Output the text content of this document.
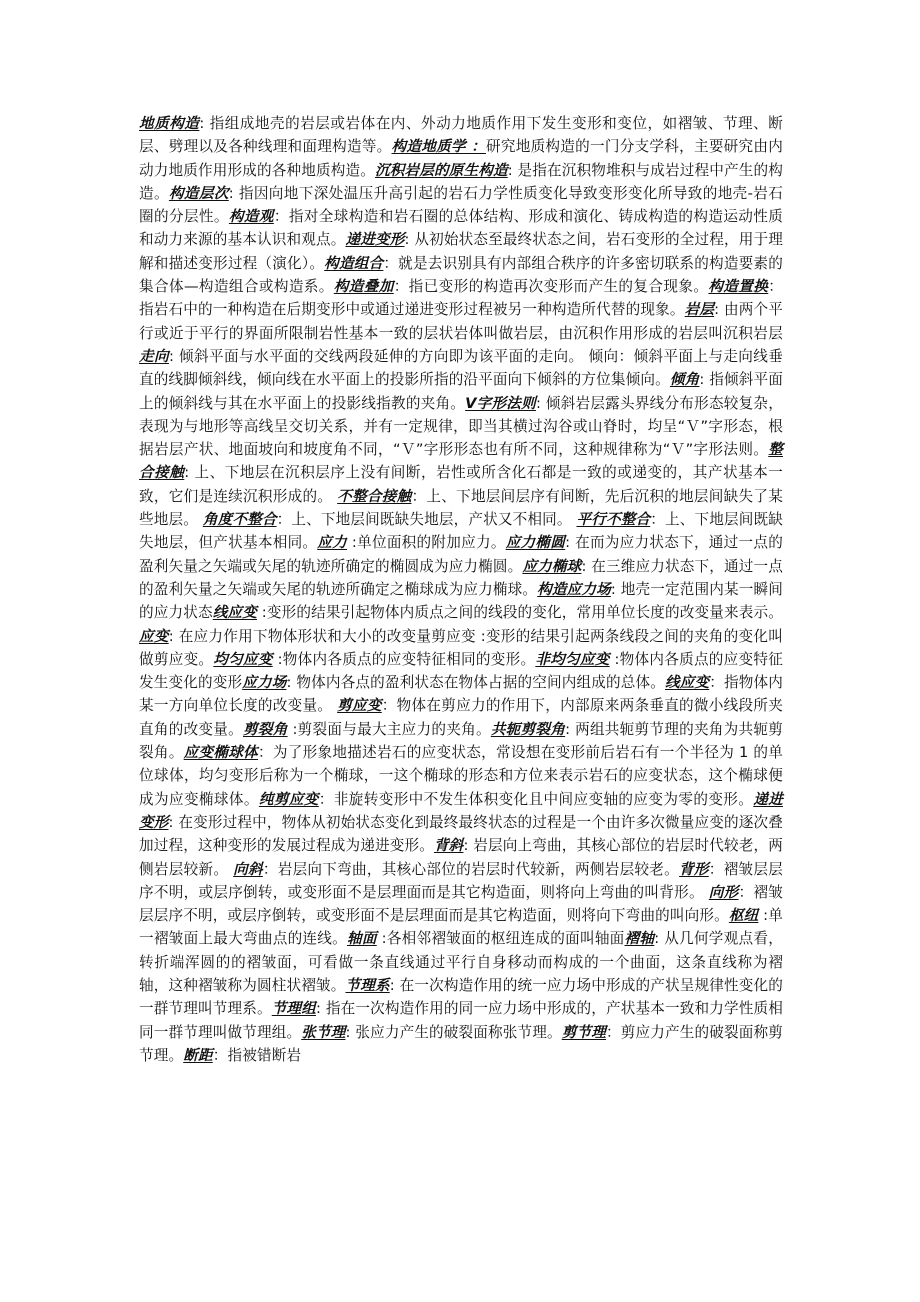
地质构造: 指组成地壳的岩层或岩体在内、外动力地质作用下发生变形和变位，如褶皱、节理、断层、劈理以及各种线理和面理构造等。构造地质学 ：研究地质构造的一门分支学科，主要研究由内动力地质作用形成的各种地质构造。沉积岩层的原生构造: 是指在沉积物堆积与成岩过程中产生的构造。构造层次: 指因向地下深处温压升高引起的岩石力学性质变化导致变形变化所导致的地壳-岩石圈的分层性。构造观：指对全球构造和岩石圈的总体结构、形成和演化、铸成构造的构造运动性质和动力来源的基本认识和观点。递进变形: 从初始状态至最终状态之间，岩石变形的全过程，用于理解和描述变形过程（演化）。构造组合：就是去识别具有内部组合秩序的许多密切联系的构造要素的集合体—构造组合或构造系。构造叠加：指已变形的构造再次变形而产生的复合现象。构造置换：指岩石中的一种构造在后期变形中或通过递进变形过程被另一种构造所代替的现象。岩层: 由两个平行或近于平行的界面所限制岩性基本一致的层状岩体叫做岩层，由沉积作用形成的岩层叫沉积岩层走向: 倾斜平面与水平面的交线两段延伸的方向即为该平面的走向。 倾向：倾斜平面上与走向线垂直的线脚倾斜线，倾向线在水平面上的投影所指的沿平面向下倾斜的方位集倾向。倾角: 指倾斜平面上的倾斜线与其在水平面上的投影线指教的夹角。V字形法则: 倾斜岩层露头界线分布形态较复杂，表现为与地形等高线呈交切关系，并有一定规律，即当其横过沟谷或山脊时，均呈“Ｖ”字形态，根据岩层产状、地面坡向和坡度角不同，“Ｖ”字形形态也有所不同，这种规律称为“Ｖ”字形法则。整合接触: 上、下地层在沉积层序上没有间断，岩性或所含化石都是一致的或递变的，其产状基本一致，它们是连续沉积形成的。 不整合接触：上、下地层间层序有间断，先后沉积的地层间缺失了某些地层。 角度不整合：上、下地层间既缺失地层，产状又不相同。 平行不整合：上、下地层间既缺失地层，但产状基本相同。应力 :单位面积的附加应力。应力椭圆: 在而为应力状态下，通过一点的盈利矢量之矢端或矢尾的轨迹所确定的椭圆成为应力椭圆。应力椭球: 在三维应力状态下，通过一点的盈利矢量之矢端或矢尾的轨迹所确定之椭球成为应力椭球。构造应力场: 地壳一定范围内某一瞬间的应力状态线应变 :变形的结果引起物体内质点之间的线段的变化，常用单位长度的改变量来表示。应变: 在应力作用下物体形状和大小的改变量剪应变 :变形的结果引起两条线段之间的夹角的变化叫做剪应变。均匀应变 :物体内各质点的应变特征相同的变形。非均匀应变 :物体内各质点的应变特征发生变化的变形应力场: 物体内各点的盈利状态在物体占据的空间内组成的总体。线应变：指物体内某一方向单位长度的改变量。 剪应变：物体在剪应力的作用下，内部原来两条垂直的微小线段所夹直角的改变量。剪裂角 :剪裂面与最大主应力的夹角。共轭剪裂角: 两组共轭剪节理的夹角为共轭剪裂角。应变椭球体：为了形象地描述岩石的应变状态，常设想在变形前后岩石有一个半径为 1 的单位球体，均匀变形后称为一个椭球，一这个椭球的形态和方位来表示岩石的应变状态，这个椭球便成为应变椭球体。纯剪应变：非旋转变形中不发生体积变化且中间应变轴的应变为零的变形。递进变形: 在变形过程中，物体从初始状态变化到最终最终状态的过程是一个由许多次微量应变的逐次叠加过程，这种变形的发展过程成为递进变形。背斜: 岩层向上弯曲，其核心部位的岩层时代较老，两侧岩层较新。 向斜：岩层向下弯曲，其核心部位的岩层时代较新，两侧岩层较老。背形：褶皱层层序不明，或层序倒转，或变形面不是层理面而是其它构造面，则将向上弯曲的叫背形。 向形：褶皱层层序不明，或层序倒转，或变形面不是层理面而是其它构造面，则将向下弯曲的叫向形。枢纽 :单一褶皱面上最大弯曲点的连线。轴面 :各相邻褶皱面的枢纽连成的面叫轴面褶轴: 从几何学观点看，转折端浑圆的的褶皱面，可看做一条直线通过平行自身移动而构成的一个曲面，这条直线称为褶轴，这种褶皱称为圆柱状褶皱。节理系: 在一次构造作用的统一应力场中形成的产状呈规律性变化的一群节理叫节理系。节理组: 指在一次构造作用的同一应力场中形成的，产状基本一致和力学性质相同一群节理叫做节理组。张节理: 张应力产生的破裂面称张节理。剪节理：剪应力产生的破裂面称剪节理。断距：指被错断岩
